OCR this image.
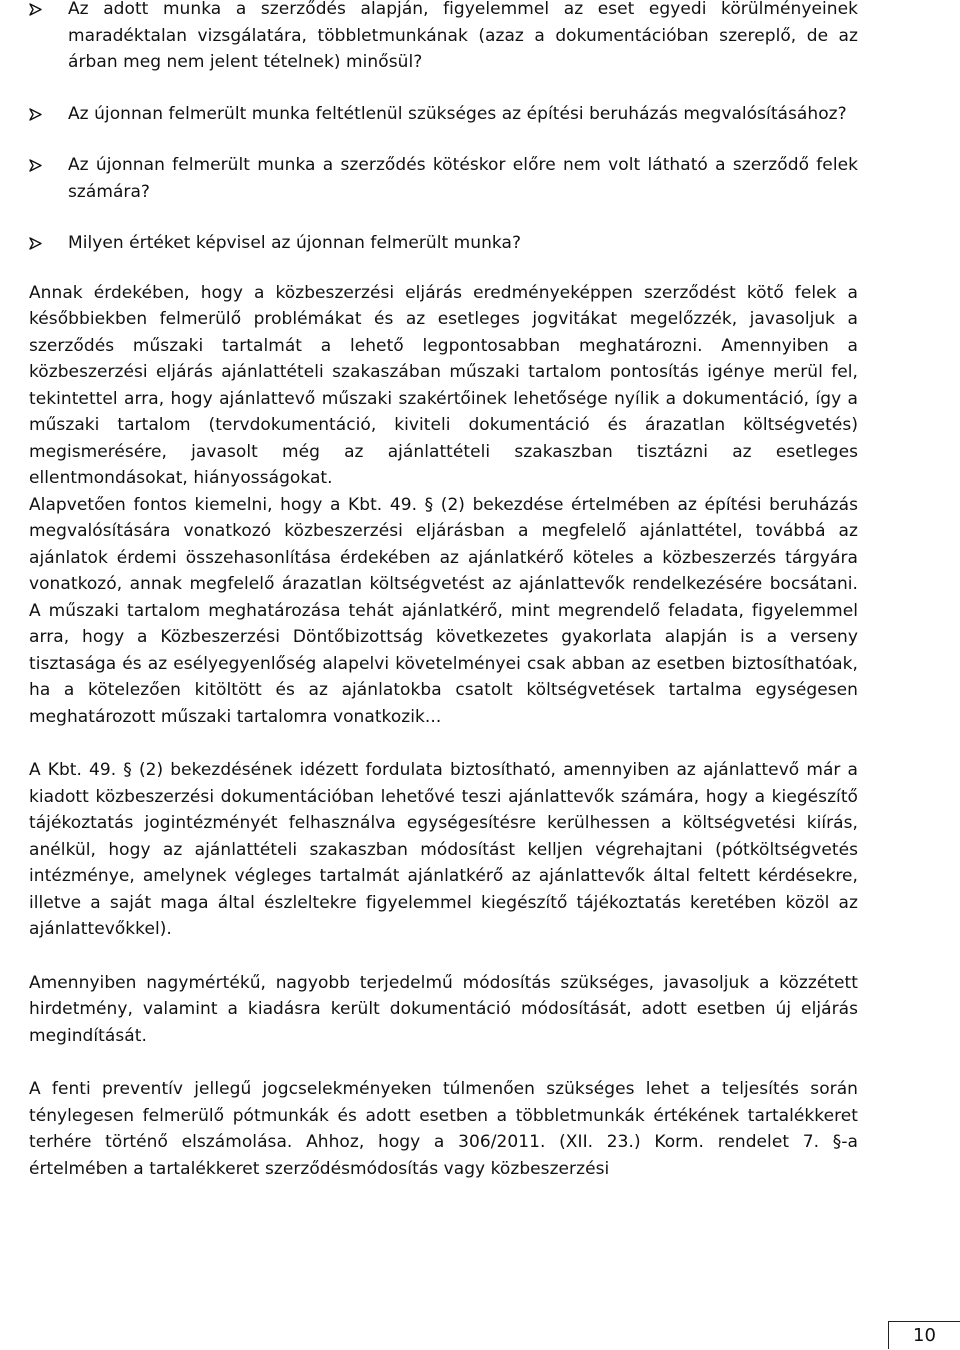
Az adott munka a szerződés alapján, figyelemmel az eset egyedi körülményeinek maradéktalan vizsgálatára, többletmunkának (azaz a dokumentációban szereplő, de az árban meg nem jelent tételnek) minősül?
Az újonnan felmerült munka feltétlenül szükséges az építési beruházás megvalósításához?
Az újonnan felmerült munka a szerződés kötéskor előre nem volt látható a szerződő felek számára?
Milyen értéket képvisel az újonnan felmerült munka?

Annak érdekében, hogy a közbeszerzési eljárás eredményeképpen szerződést kötő felek a későbbiekben felmerülő problémákat és az esetleges jogvitákat megelőzzék, javasoljuk a szerződés műszaki tartalmát a lehető legpontosabban meghatározni. Amennyiben a közbeszerzési eljárás ajánlattételi szakaszában műszaki tartalom pontosítás igénye merül fel, tekintettel arra, hogy ajánlattevő műszaki szakértőinek lehetősége nyílik a dokumentáció, így a műszaki tartalom (tervdokumentáció, kiviteli dokumentáció és árazatlan költségvetés) megismerésére, javasolt még az ajánlattételi szakaszban tisztázni az esetleges ellentmondásokat, hiányosságokat.

Alapvetően fontos kiemelni, hogy a Kbt. 49. § (2) bekezdése értelmében az építési beruházás megvalósítására vonatkozó közbeszerzési eljárásban a megfelelő ajánlattétel, továbbá az ajánlatok érdemi összehasonlítása érdekében az ajánlatkérő köteles a közbeszerzés tárgyára vonatkozó, annak megfelelő árazatlan költségvetést az ajánlattevők rendelkezésére bocsátani. A műszaki tartalom meghatározása tehát ajánlatkérő, mint megrendelő feladata, figyelemmel arra, hogy a Közbeszerzési Döntőbizottság következetes gyakorlata alapján is a verseny tisztasága és az esélyegyenlőség alapelvi követelményei csak abban az esetben biztosíthatóak, ha a kötelezően kitöltött és az ajánlatokba csatolt költségvetések tartalma egységesen meghatározott műszaki tartalomra vonatkozik...

A Kbt. 49. § (2) bekezdésének idézett fordulata biztosítható, amennyiben az ajánlattevő már a kiadott közbeszerzési dokumentációban lehetővé teszi ajánlattevők számára, hogy a kiegészítő tájékoztatás jogintézményét felhasználva egységesítésre kerülhessen a költségvetési kiírás, anélkül, hogy az ajánlattételi szakaszban módosítást kelljen végrehajtani (pótköltségvetés intézménye, amelynek végleges tartalmát ajánlatkérő az ajánlattevők által feltett kérdésekre, illetve a saját maga által észleltekre figyelemmel kiegészítő tájékoztatás keretében közöl az ajánlattevőkkel).

Amennyiben nagymértékű, nagyobb terjedelmű módosítás szükséges, javasoljuk a közzétett hirdetmény, valamint a kiadásra került dokumentáció módosítását, adott esetben új eljárás megindítását.

A fenti preventív jellegű jogcselekményeken túlmenően szükséges lehet a teljesítés során ténylegesen felmerülő pótmunkák és adott esetben a többletmunkák értékének tartalékkeret terhére történő elszámolása. Ahhoz, hogy a 306/2011. (XII. 23.) Korm. rendelet 7. §-a értelmében a tartalékkeret szerződésmódosítás vagy közbeszerzési

10
